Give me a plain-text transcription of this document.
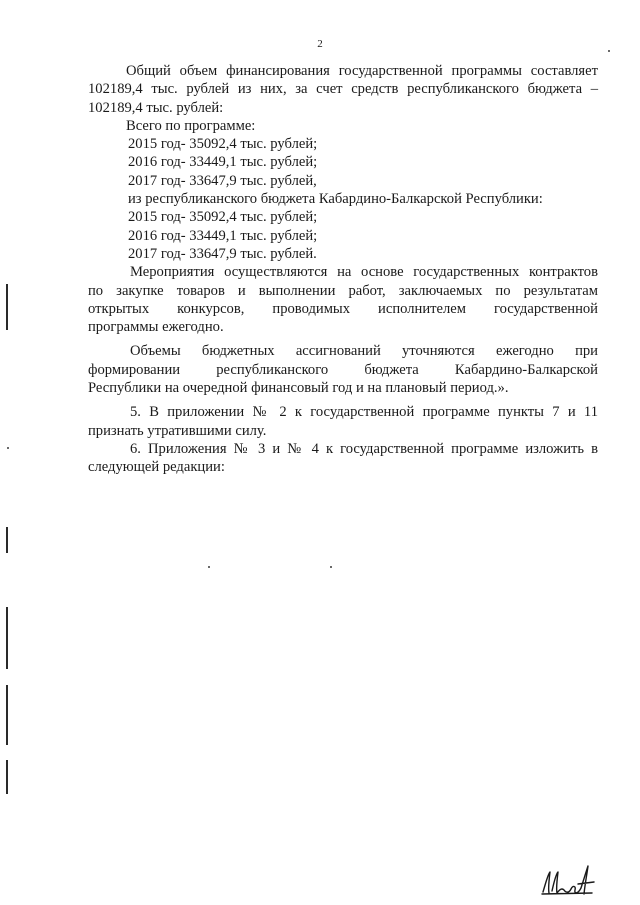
2
Общий объем финансирования государственной программы составляет
102189,4 тыс. рублей из них, за счет средств республиканского бюджета –
102189,4 тыс. рублей:
Всего по программе:
2015 год- 35092,4 тыс. рублей;
2016 год- 33449,1 тыс. рублей;
2017 год- 33647,9 тыс. рублей,
из республиканского бюджета Кабардино-Балкарской Республики:
2015 год- 35092,4 тыс. рублей;
2016 год- 33449,1 тыс. рублей;
2017 год- 33647,9 тыс. рублей.
Мероприятия осуществляются на основе государственных контрактов
по закупке товаров и выполнении работ, заключаемых по результатам
открытых конкурсов, проводимых исполнителем государственной
программы ежегодно.
Объемы бюджетных ассигнований уточняются ежегодно при
формировании республиканского бюджета Кабардино-Балкарской
Республики на очередной финансовый год и на плановый период.».
5. В приложении № 2 к государственной программе пункты 7 и 11
признать утратившими силу.
6. Приложения № 3 и № 4 к государственной программе изложить в
следующей редакции:
